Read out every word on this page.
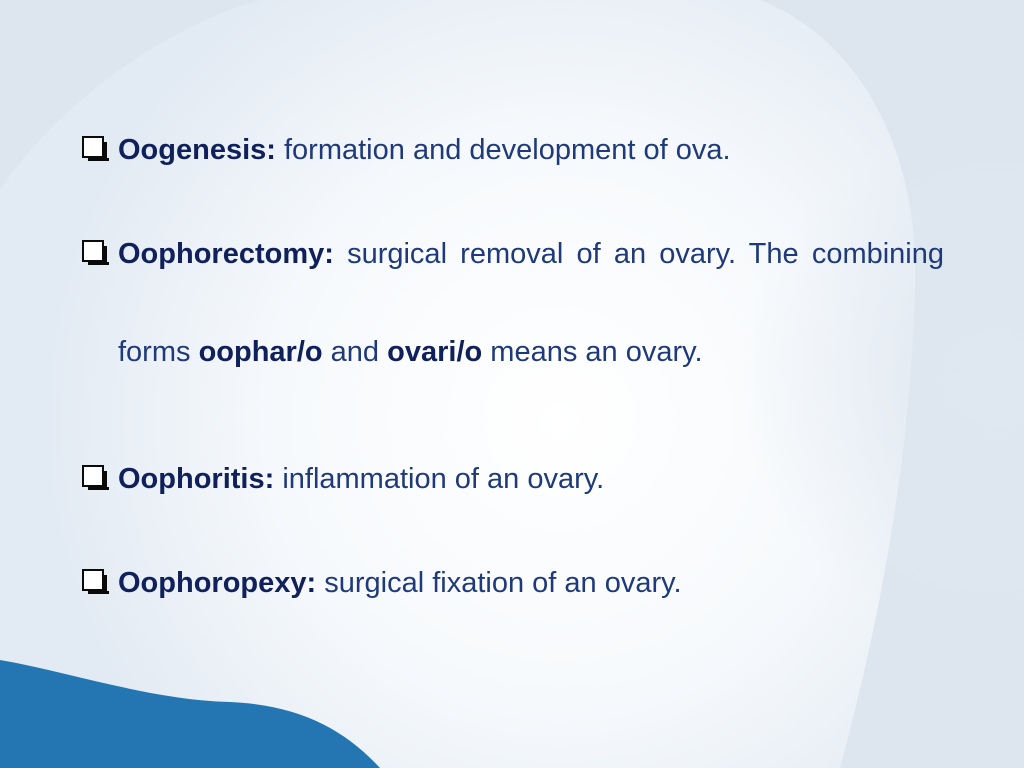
Oogenesis: formation and development of ova.
Oophorectomy: surgical removal of an ovary. The combining forms oophar/o and ovari/o means an ovary.
Oophoritis: inflammation of an ovary.
Oophoropexy: surgical fixation of an ovary.
